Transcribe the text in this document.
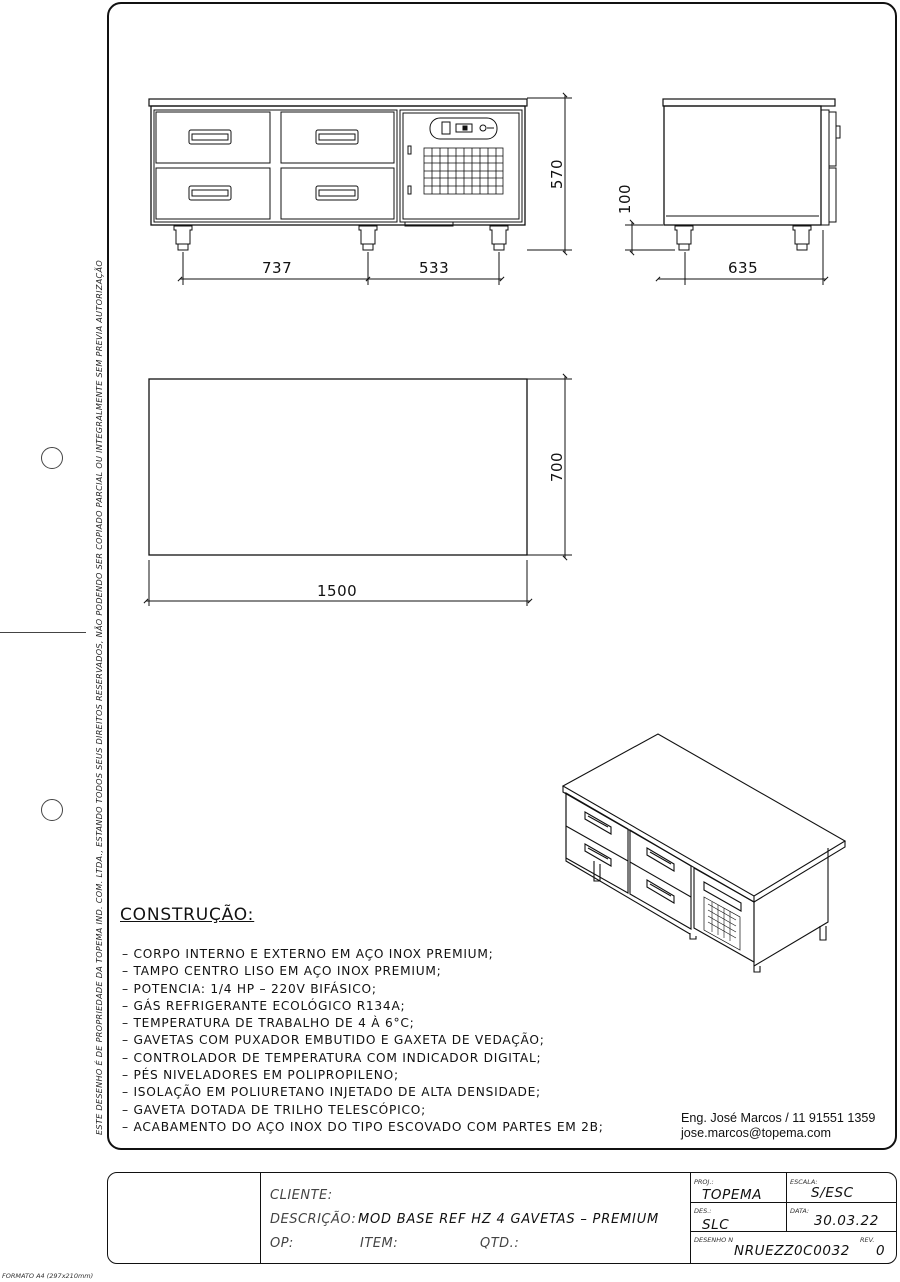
ESTE DESENHO É DE PROPRIEDADE DA TOPEMA IND. COM. LTDA., ESTANDO TODOS SEUS DIREITOS RESERVADOS, NÃO PODENDO SER COPIADO PARCIAL OU INTEGRALMENTE SEM PREVIA AUTORIZAÇÃO	737	533
570
100
635
700
1500
CONSTRUÇÃO:
– CORPO INTERNO E EXTERNO EM AÇO INOX PREMIUM;
– TAMPO CENTRO LISO EM AÇO INOX PREMIUM;
– POTENCIA: 1/4 HP – 220V BIFÁSICO;
– GÁS REFRIGERANTE ECOLÓGICO R134A;
– TEMPERATURA DE TRABALHO DE 4 À 6°C;
– GAVETAS COM PUXADOR EMBUTIDO E GAXETA DE VEDAÇÃO;
– CONTROLADOR DE TEMPERATURA COM INDICADOR DIGITAL;
– PÉS NIVELADORES EM POLIPROPILENO;
– ISOLAÇÃO EM POLIURETANO INJETADO DE ALTA DENSIDADE;
– GAVETA DOTADA DE TRILHO TELESCÓPICO;
– ACABAMENTO DO AÇO INOX DO TIPO ESCOVADO COM PARTES EM 2B;
Eng. José Marcos / 11 91551 1359
jose.marcos@topema.com
CLIENTE:
DESCRIÇÃO: MOD BASE REF HZ 4 GAVETAS – PREMIUM
OP:	ITEM:	QTD.:
PROJ.:
TOPEMA
ESCALA:
S/ESC
DES.:
SLC
DATA:
30.03.22
DESENHO N
NRUEZZ0C0032
REV.
0
FORMATO A4 (297x210mm)
